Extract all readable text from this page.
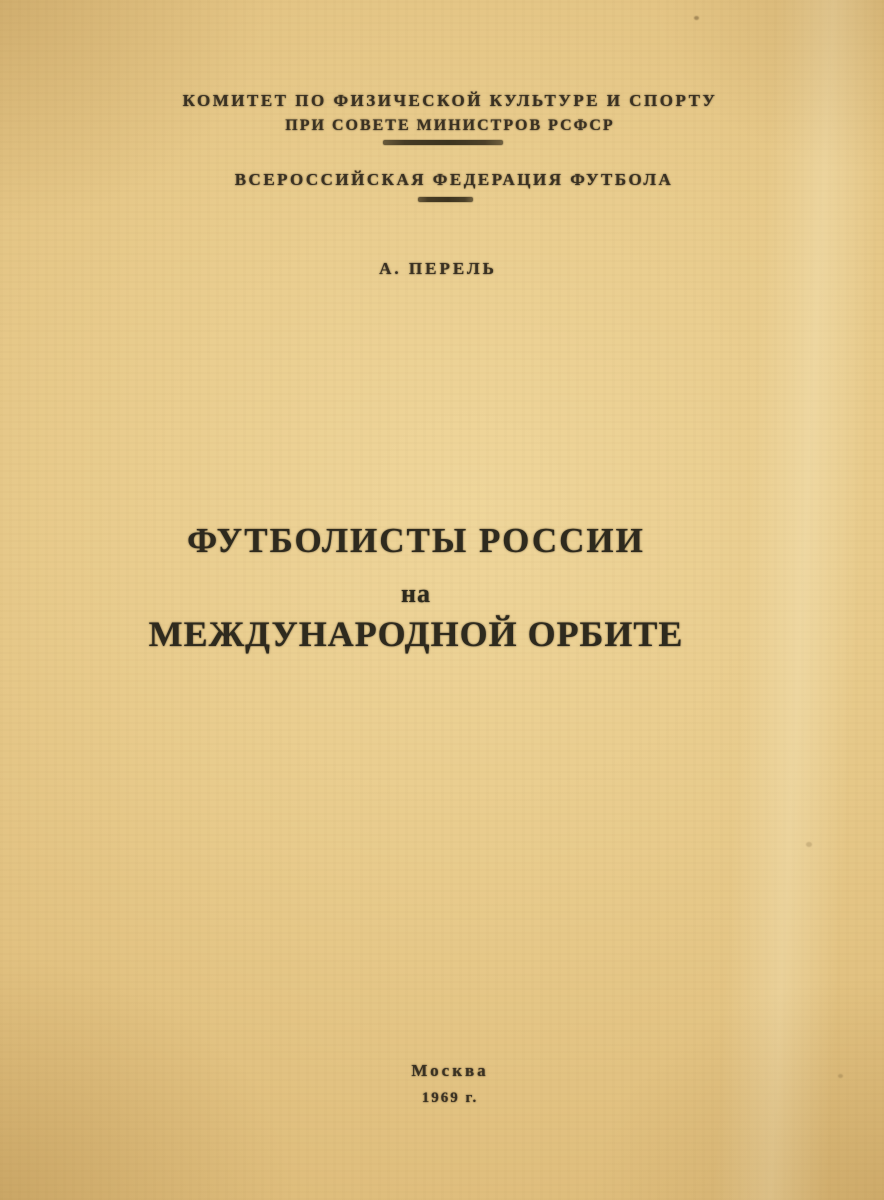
КОМИТЕТ ПО ФИЗИЧЕСКОЙ КУЛЬТУРЕ И СПОРТУ
ПРИ СОВЕТЕ МИНИСТРОВ РСФСР
ВСЕРОССИЙСКАЯ ФЕДЕРАЦИЯ ФУТБОЛА
А. ПЕРЕЛЬ
ФУТБОЛИСТЫ РОССИИ
на
МЕЖДУНАРОДНОЙ ОРБИТЕ
Москва
1969 г.
